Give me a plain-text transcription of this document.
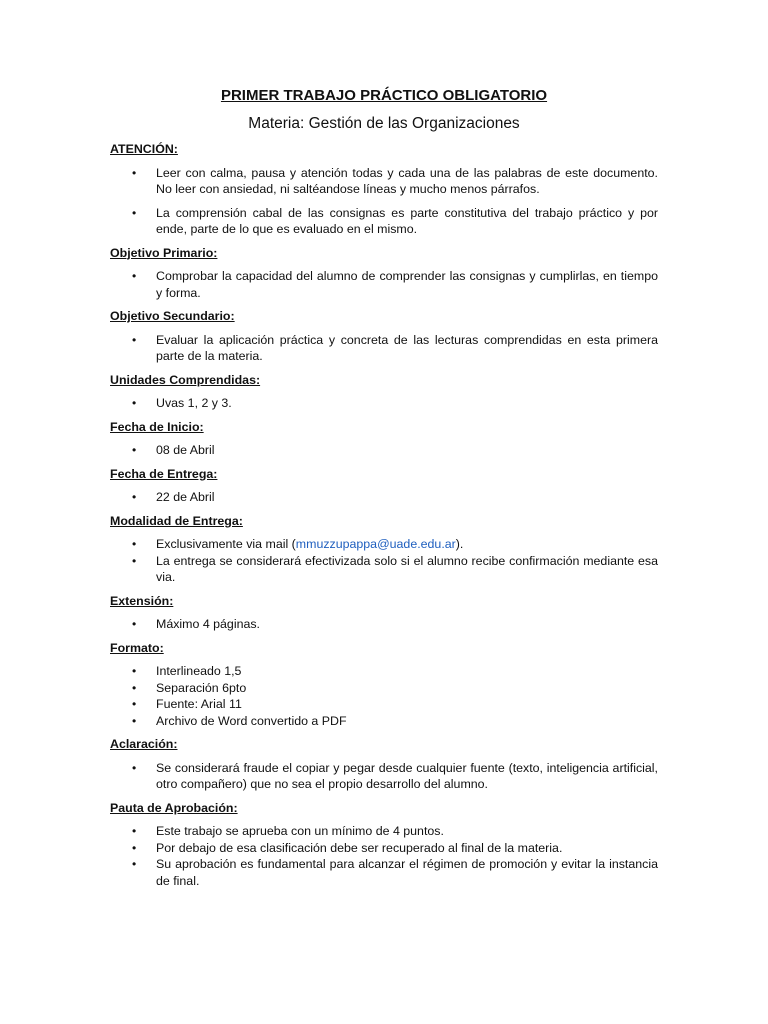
PRIMER TRABAJO PRÁCTICO OBLIGATORIO
Materia: Gestión de las Organizaciones
ATENCIÓN:
• Leer con calma, pausa y atención todas y cada una de las palabras de este documento. No leer con ansiedad, ni saltéandose líneas y mucho menos párrafos.
• La comprensión cabal de las consignas es parte constitutiva del trabajo práctico y por ende, parte de lo que es evaluado en el mismo.
Objetivo Primario:
• Comprobar la capacidad del alumno de comprender las consignas y cumplirlas, en tiempo y forma.
Objetivo Secundario:
• Evaluar la aplicación práctica y concreta de las lecturas comprendidas en esta primera parte de la materia.
Unidades Comprendidas:
• Uvas 1, 2 y 3.
Fecha de Inicio:
• 08 de Abril
Fecha de Entrega:
• 22 de Abril
Modalidad de Entrega:
• Exclusivamente via mail (mmuzzupappa@uade.edu.ar).
• La entrega se considerará efectivizada solo si el alumno recibe confirmación mediante esa via.
Extensión:
• Máximo 4 páginas.
Formato:
• Interlineado 1,5
• Separación 6pto
• Fuente: Arial 11
• Archivo de Word convertido a PDF
Aclaración:
• Se considerará fraude el copiar y pegar desde cualquier fuente (texto, inteligencia artificial, otro compañero) que no sea el propio desarrollo del alumno.
Pauta de Aprobación:
• Este trabajo se aprueba con un mínimo de 4 puntos.
• Por debajo de esa clasificación debe ser recuperado al final de la materia.
• Su aprobación es fundamental para alcanzar el régimen de promoción y evitar la instancia de final.
